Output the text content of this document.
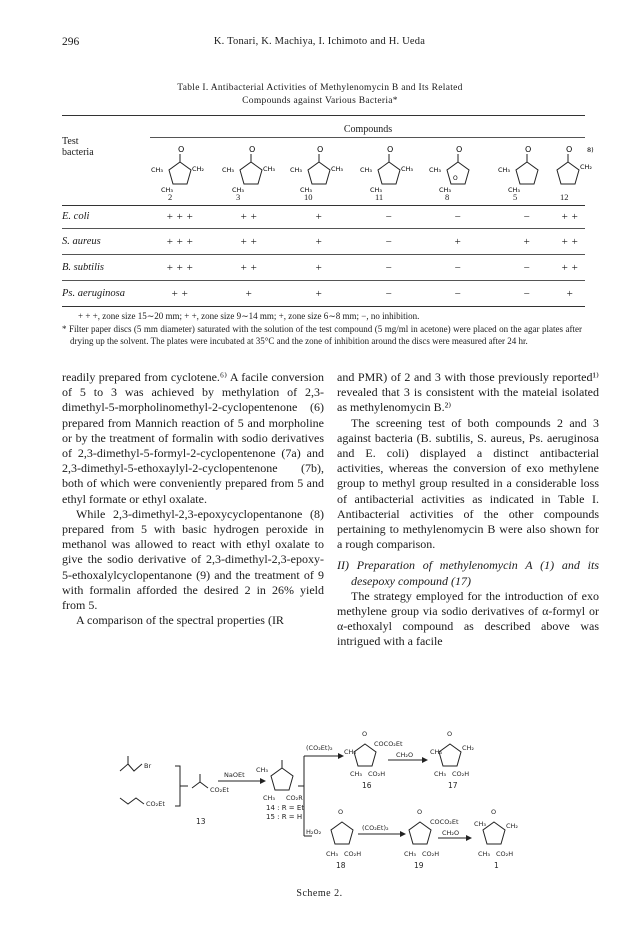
296	K. Tonari, K. Machiya, I. Ichimoto and H. Ueda
Table I. Antibacterial Activities of Methylenomycin B and Its Related
Compounds against Various Bacteria*
Test
bacteria
Compounds
O
CH₃	CH₂
CH₃
O
CH₃	CH₃
CH₃
O
CH₃	CH₃
CH₃
O
CH₃	CH₃
CH₃
O
CH₃
CH₃
O
O
CH₃
CH₃
O 8)
CH₂
2	3	10	11	8	5	12
E. coli	+ + +	+ +	+	−	−	−	+ +
S. aureus	+ + +	+ +	+	−	+	+	+ +
B. subtilis	+ + +	+ +	+	−	−	−	+ +
Ps. aeruginosa	+ +	+	+	−	−	−	+
+ + +, zone size 15∼20 mm; + +, zone size 9∼14 mm; +, zone size 6∼8 mm; −, no inhibition.
* Filter paper discs (5 mm diameter) saturated with the solution of the test compound (5 mg/ml in acetone) were placed on the agar plates after drying up the solvent. The plates were incubated at 35°C and the zone of inhibition around the discs were measured after 24 hr.

readily prepared from cyclotene.⁶⁾ A facile conversion of 5 to 3 was achieved by methylation of 2,3-dimethyl-5-morpholinomethyl-2-cyclopentenone (6) prepared from Mannich reaction of 5 and morpholine or by the treatment of formalin with sodio derivatives of 2,3-dimethyl-5-formyl-2-cyclopentenone (7a) and 2,3-dimethyl-5-ethoxaylyl-2-cyclopentenone (7b), both of which were conveniently prepared from 5 and ethyl formate or ethyl oxalate.

While 2,3-dimethyl-2,3-epoxycyclopentanone (8) prepared from 5 with basic hydrogen peroxide in methanol was allowed to react with ethyl oxalate to give the sodio derivative of 2,3-dimethyl-2,3-epoxy-5-ethoxalylcyclopentanone (9) and the treatment of 9 with formalin afforded the desired 2 in 26% yield from 5.

A comparison of the spectral properties (IR

and PMR) of 2 and 3 with those previously reported¹⁾ revealed that 3 is consistent with the mateial isolated as methylenomycin B.²⁾

The screening test of both compounds 2 and 3 against bacteria (B. subtilis, S. aureus, Ps. aeruginosa and E. coli) displayed a distinct antibacterial activities, whereas the conversion of exo methylene group to methyl group resulted in a considerable loss of antibacterial activities as indicated in Table I. Antibacterial activities of the other compounds pertaining to methylenomycin B were also shown for a rough comparison.

II) Preparation of methylenomycin A (1) and its desepoxy compound (17)

The strategy employed for the introduction of exo methylene group via sodio derivatives of α-formyl or α-ethoxalyl compound as described above was intrigued with a facile

Br
CO₂Et
CO₂Et
13
NaOEt
CH₃
CH₃ CO₂R
14 : R = Et
15 : R = H
(CO₂Et)₂
O
CH₃
COCO₂Et
CH₃ CO₂H
16
CH₂O
O
CH₃	CH₂
CH₃ CO₂H
17
H₂O₂
O
CH₃ CO₂H
18
(CO₂Et)₂
O
COCO₂Et
CH₃ CO₂H
19
CH₂O
O
CH₃	CH₂
CH₃ CO₂H
1
Scheme 2.
